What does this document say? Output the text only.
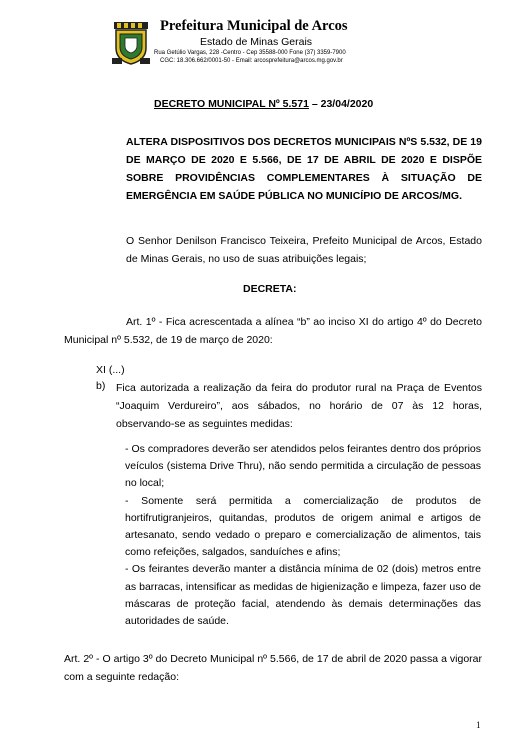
Prefeitura Municipal de Arcos
Estado de Minas Gerais
Rua Getúlio Vargas, 228 -Centro - Cep 35588-000 Fone (37) 3359-7900
CGC: 18.306.662/0001-50 - Email: arcosprefeitura@arcos.mg.gov.br
DECRETO MUNICIPAL Nº 5.571 – 23/04/2020
ALTERA DISPOSITIVOS DOS DECRETOS MUNICIPAIS NºS 5.532, DE 19 DE MARÇO DE 2020 E 5.566, DE 17 DE ABRIL DE 2020 E DISPÕE SOBRE PROVIDÊNCIAS COMPLEMENTARES À SITUAÇÃO DE EMERGÊNCIA EM SAÚDE PÚBLICA NO MUNICÍPIO DE ARCOS/MG.
O Senhor Denilson Francisco Teixeira, Prefeito Municipal de Arcos, Estado de Minas Gerais, no uso de suas atribuições legais;
DECRETA:
Art. 1º - Fica acrescentada a alínea “b” ao inciso XI do artigo 4º do Decreto Municipal nº 5.532, de 19 de março de 2020:
XI (...)
b) Fica autorizada a realização da feira do produtor rural na Praça de Eventos “Joaquim Verdureiro”, aos sábados, no horário de 07 às 12 horas, observando-se as seguintes medidas:
- Os compradores deverão ser atendidos pelos feirantes dentro dos próprios veículos (sistema Drive Thru), não sendo permitida a circulação de pessoas no local;
- Somente será permitida a comercialização de produtos de hortifrutigranjeiros, quitandas, produtos de origem animal e artigos de artesanato, sendo vedado o preparo e comercialização de alimentos, tais como refeições, salgados, sanduíches e afins;
- Os feirantes deverão manter a distância mínima de 02 (dois) metros entre as barracas, intensificar as medidas de higienização e limpeza, fazer uso de máscaras de proteção facial, atendendo às demais determinações das autoridades de saúde.
Art. 2º - O artigo 3º do Decreto Municipal nº 5.566, de 17 de abril de 2020 passa a vigorar com a seguinte redação:
1
